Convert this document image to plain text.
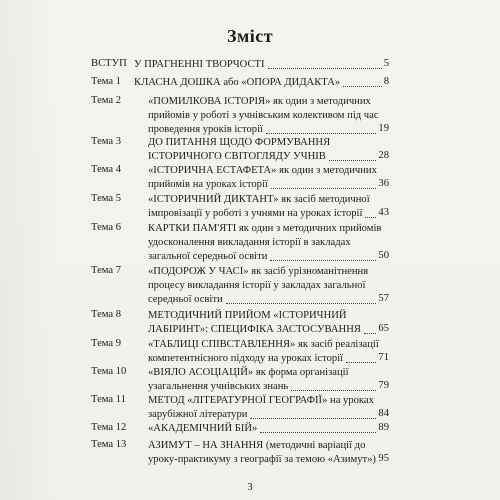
Зміст
ВСТУП У ПРАГНЕННІ ТВОРЧОСТІ	5
Тема 1 КЛАСНА ДОШКА або «ОПОРА ДИДАКТА»	8
Тема 2	«ПОМИЛКОВА ІСТОРІЯ» як один з методичних
прийомів у роботі з учнівським колективом під час
проведення уроків історії	19
Тема 3	ДО ПИТАННЯ ЩОДО ФОРМУВАННЯ
ІСТОРИЧНОГО СВІТОГЛЯДУ УЧНІВ	28
Тема 4	«ІСТОРИЧНА ЕСТАФЕТА» як один з методичних
прийомів на уроках історії	36
Тема 5	«ІСТОРИЧНИЙ ДИКТАНТ» як засіб методичної
імпровізації у роботі з учнями на уроках історії 43
Тема 6	КАРТКИ ПАМ'ЯТІ як один з методичних прийомів
удосконалення викладання історії в закладах
загальної середньої освіти	50
Тема 7	«ПОДОРОЖ У ЧАСІ» як засіб урізноманітнення
процесу викладання історії у закладах загальної
середньої освіти	57
Тема 8	МЕТОДИЧНИЙ ПРИЙОМ «ІСТОРИЧНИЙ
ЛАБІРИНТ»: СПЕЦИФІКА ЗАСТОСУВАННЯ 65
Тема 9	«ТАБЛИЦІ СПІВСТАВЛЕННЯ» як засіб реалізації
компетентнісного підходу на уроках історії	71
Тема 10 «ВІЯЛО АСОЦІАЦІЙ» як форма організації
узагальнення учнівських знань	79
Тема 11 МЕТОД «ЛІТЕРАТУРНОЇ ГЕОГРАФІЇ» на уроках
зарубіжної літератури	84
Тема 12 «АКАДЕМІЧНИЙ БІЙ»	89
Тема 13 АЗИМУТ – НА ЗНАННЯ (методичні варіації до
уроку-практикуму з географії за темою «Азимут») 95
3
